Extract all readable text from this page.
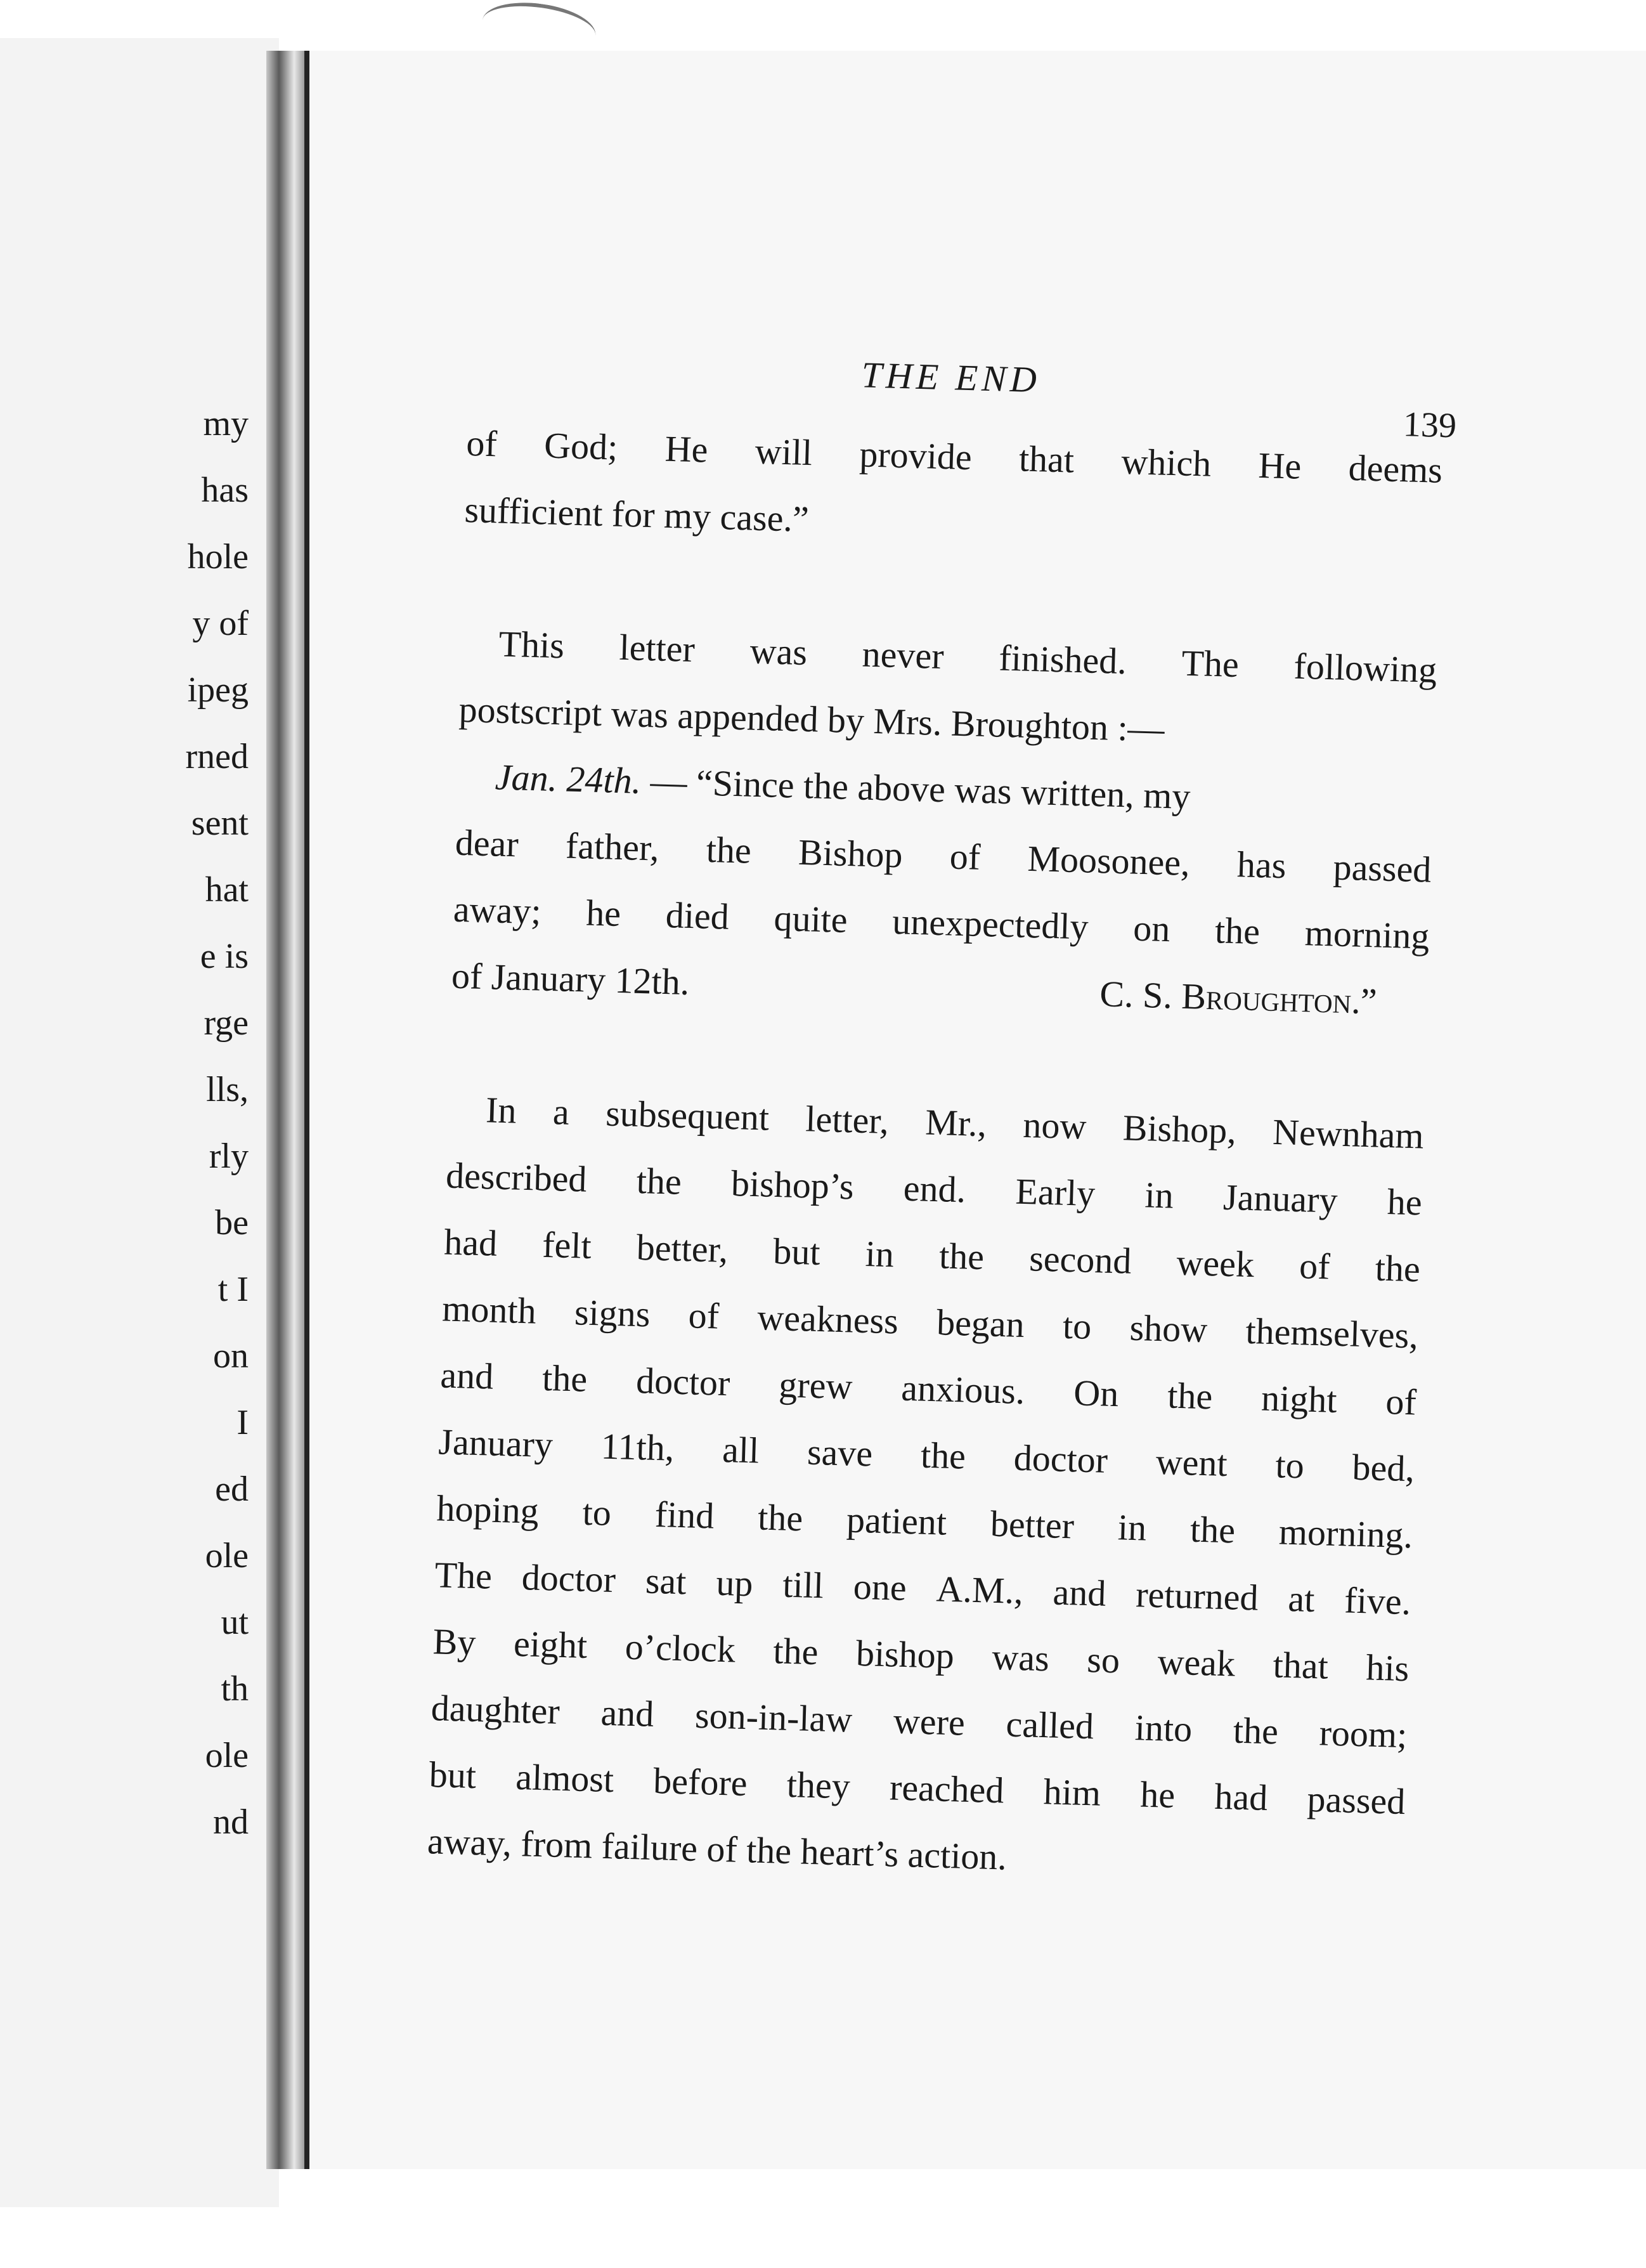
my
has
hole
y of
ipeg
rned
sent
hat
e is
rge
lls,
rly
be
t I
on
I
ed
ole
ut
th
ole
nd
THE END
139
of God; He will provide that which He deems
sufficient for my case.”
This letter was never finished. The following
postscript was appended by Mrs. Broughton :—
Jan. 24th.
— “Since the above was written, my
dear father, the Bishop of Moosonee, has passed
away; he died quite unexpectedly on the morning
of January 12th.	C. S. Broughton.”
In a subsequent letter, Mr., now Bishop, Newnham
described the bishop’s end. Early in January he
had felt better, but in the second week of the
month signs of weakness began to show themselves,
and the doctor grew anxious. On the night of
January 11th, all save the doctor went to bed,
hoping to find the patient better in the morning.
The doctor sat up till one A.M., and returned at five.
By eight o’clock the bishop was so weak that his
daughter and son-in-law were called into the room;
but almost before they reached him he had passed
away, from failure of the heart’s action.
